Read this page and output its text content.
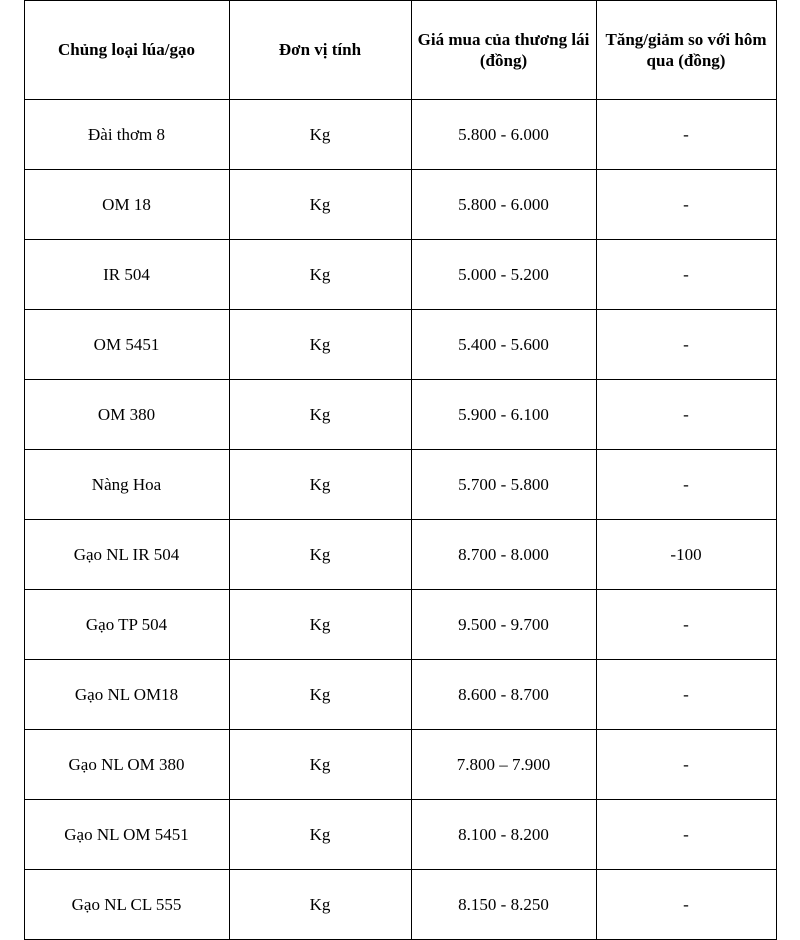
Chủng loại lúa/gạo	Đơn vị tính	Giá mua của thương lái (đồng)	Tăng/giảm so với hôm qua (đồng)
Đài thơm 8	Kg	5.800 - 6.000	-
OM 18	Kg	5.800 - 6.000	-
IR 504	Kg	5.000 - 5.200	-
OM 5451	Kg	5.400 - 5.600	-
OM 380	Kg	5.900 - 6.100	-
Nàng Hoa	Kg	5.700 - 5.800	-
Gạo NL IR 504	Kg	8.700 - 8.000	-100
Gạo TP 504	Kg	9.500 - 9.700	-
Gạo NL OM18	Kg	8.600 - 8.700	-
Gạo NL OM 380	Kg	7.800 – 7.900	-
Gạo NL OM 5451	Kg	8.100 - 8.200	-
Gạo NL CL 555	Kg	8.150 - 8.250	-
